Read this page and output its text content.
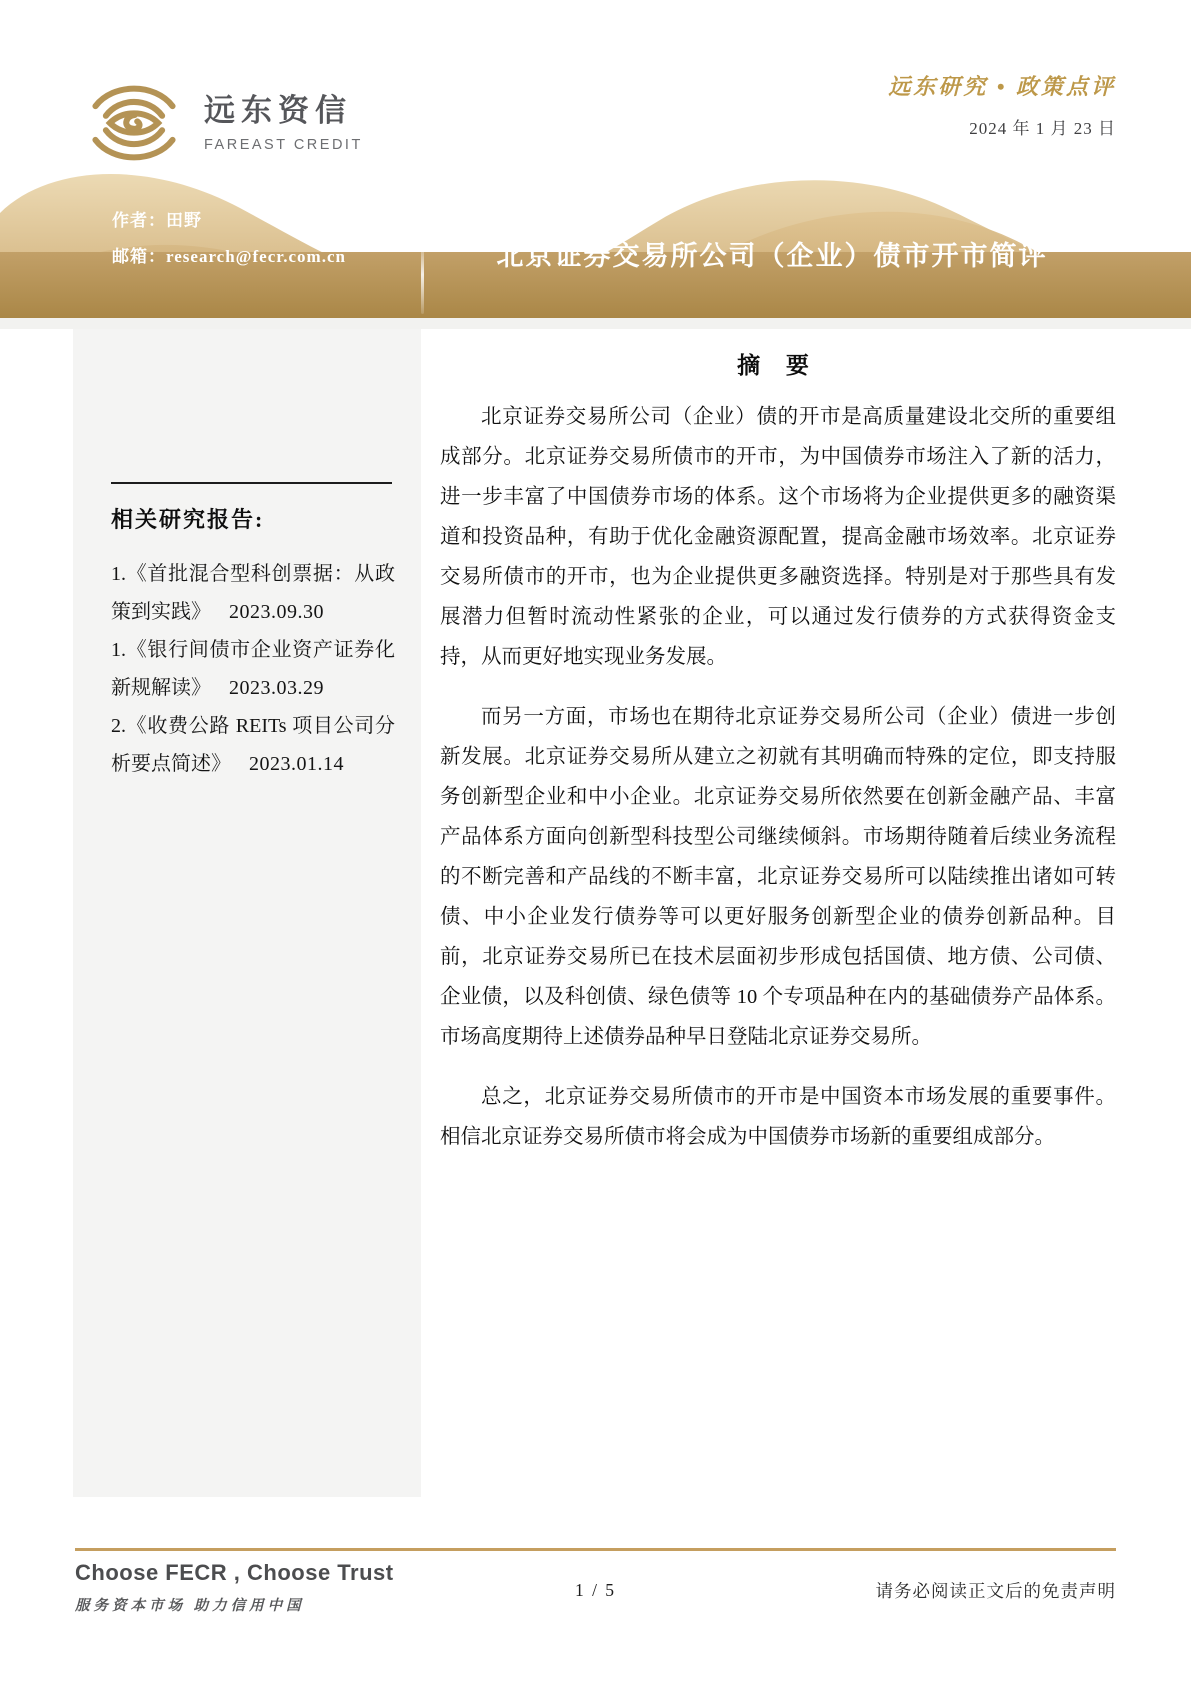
远东资信
FAREAST CREDIT
远东研究 • 政策点评
2024 年 1 月 23 日
作者：田野
邮箱：research@fecr.com.cn	北京证券交易所公司（企业）债市开市简评
相关研究报告:
1.《首批混合型科创票据：从政策到实践》 2023.09.30
1.《银行间债市企业资产证券化新规解读》 2023.03.29
2.《收费公路 REITs 项目公司分析要点简述》 2023.01.14
摘 要

北京证券交易所公司（企业）债的开市是高质量建设北交所的重要组成部分。北京证券交易所债市的开市，为中国债券市场注入了新的活力，进一步丰富了中国债券市场的体系。这个市场将为企业提供更多的融资渠道和投资品种，有助于优化金融资源配置，提高金融市场效率。北京证券交易所债市的开市，也为企业提供更多融资选择。特别是对于那些具有发展潜力但暂时流动性紧张的企业，可以通过发行债券的方式获得资金支持，从而更好地实现业务发展。

而另一方面，市场也在期待北京证券交易所公司（企业）债进一步创新发展。北京证券交易所从建立之初就有其明确而特殊的定位，即支持服务创新型企业和中小企业。北京证券交易所依然要在创新金融产品、丰富产品体系方面向创新型科技型公司继续倾斜。市场期待随着后续业务流程的不断完善和产品线的不断丰富，北京证券交易所可以陆续推出诸如可转债、中小企业发行债券等可以更好服务创新型企业的债券创新品种。目前，北京证券交易所已在技术层面初步形成包括国债、地方债、公司债、企业债，以及科创债、绿色债等 10 个专项品种在内的基础债券产品体系。市场高度期待上述债券品种早日登陆北京证券交易所。

总之，北京证券交易所债市的开市是中国资本市场发展的重要事件。相信北京证券交易所债市将会成为中国债券市场新的重要组成部分。

Choose FECR , Choose Trust
服务资本市场 助力信用中国
1 / 5	请务必阅读正文后的免责声明
